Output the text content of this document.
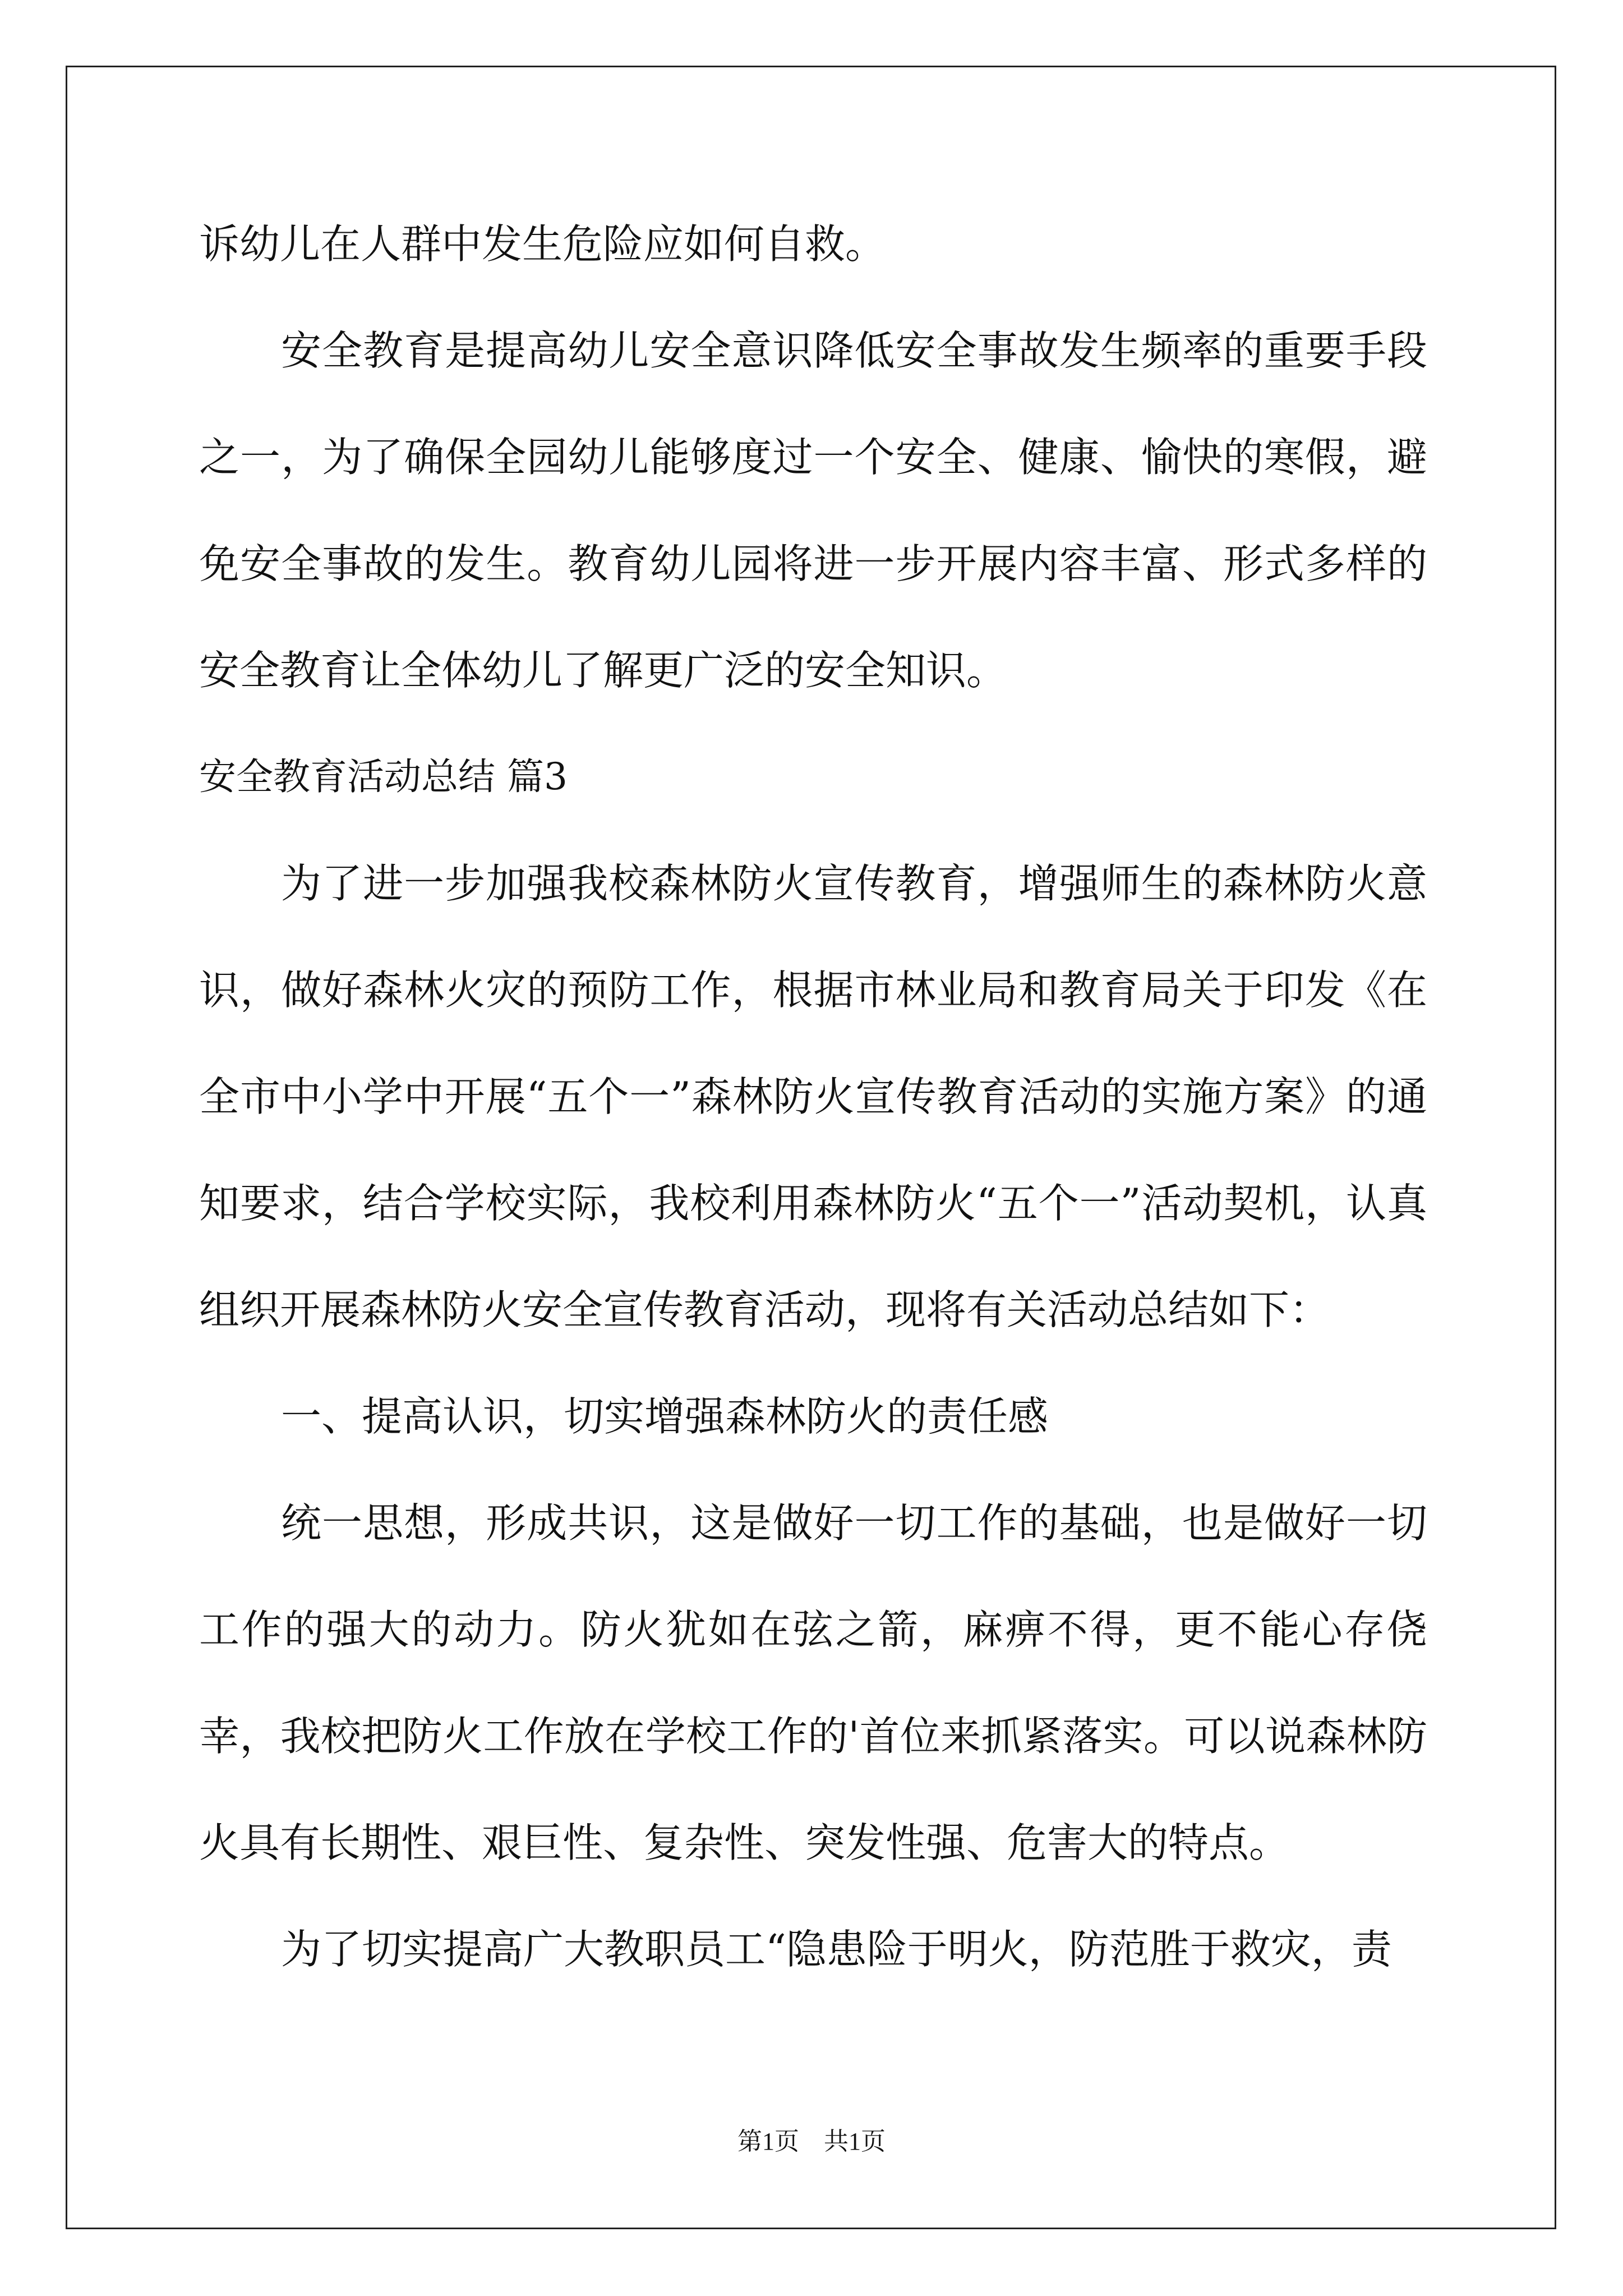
诉幼儿在人群中发生危险应如何自救。

安全教育是提高幼儿安全意识降低安全事故发生频率的重要手段之一，为了确保全园幼儿能够度过一个安全、健康、愉快的寒假，避免安全事故的发生。教育幼儿园将进一步开展内容丰富、形式多样的安全教育让全体幼儿了解更广泛的安全知识。

安全教育活动总结 篇3

为了进一步加强我校森林防火宣传教育，增强师生的森林防火意识，做好森林火灾的预防工作，根据市林业局和教育局关于印发《在全市中小学中开展“五个一”森林防火宣传教育活动的实施方案》的通知要求，结合学校实际，我校利用森林防火“五个一”活动契机，认真组织开展森林防火安全宣传教育活动，现将有关活动总结如下：

一、提高认识，切实增强森林防火的责任感

统一思想，形成共识，这是做好一切工作的基础，也是做好一切工作的强大的动力。防火犹如在弦之箭，麻痹不得，更不能心存侥幸，我校把防火工作放在学校工作的'首位来抓紧落实。可以说森林防火具有长期性、艰巨性、复杂性、突发性强、危害大的特点。

为了切实提高广大教职员工“隐患险于明火，防范胜于救灾，责

第1页　共1页
